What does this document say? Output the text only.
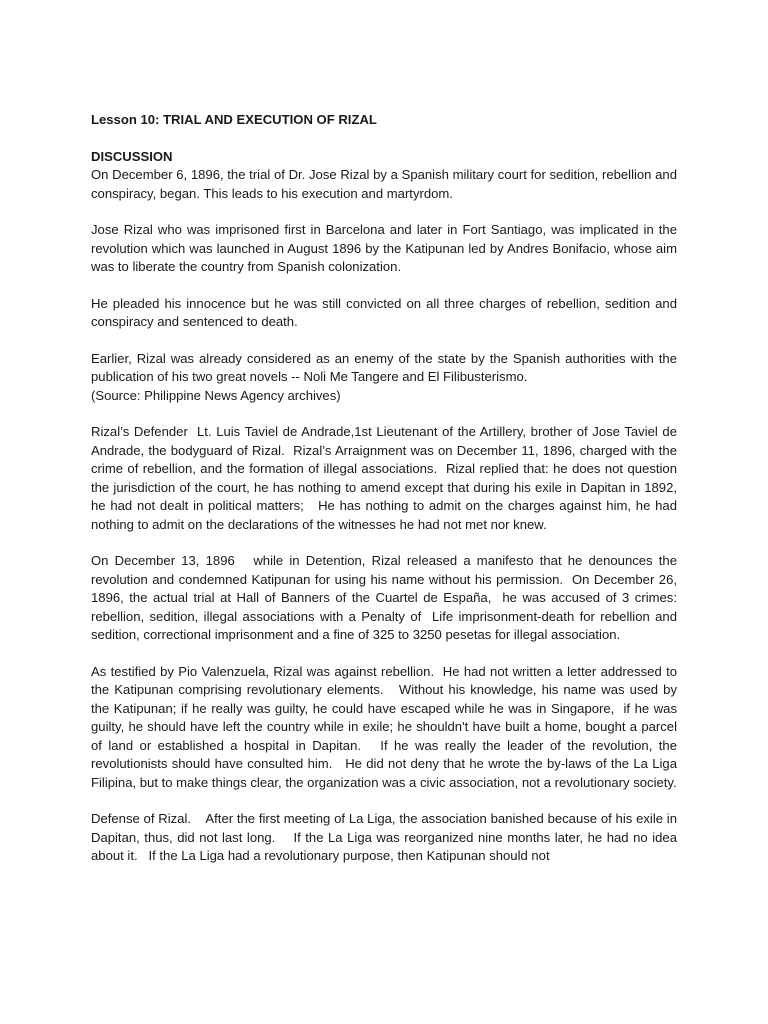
Lesson 10: TRIAL AND EXECUTION OF RIZAL

DISCUSSION

On December 6, 1896, the trial of Dr. Jose Rizal by a Spanish military court for sedition, rebellion and conspiracy, began. This leads to his execution and martyrdom.

Jose Rizal who was imprisoned first in Barcelona and later in Fort Santiago, was implicated in the revolution which was launched in August 1896 by the Katipunan led by Andres Bonifacio, whose aim was to liberate the country from Spanish colonization.

He pleaded his innocence but he was still convicted on all three charges of rebellion, sedition and conspiracy and sentenced to death.

Earlier, Rizal was already considered as an enemy of the state by the Spanish authorities with the publication of his two great novels -- Noli Me Tangere and El Filibusterismo.

(Source: Philippine News Agency archives)

Rizal’s Defender  Lt. Luis Taviel de Andrade,1st Lieutenant of the Artillery, brother of Jose Taviel de Andrade, the bodyguard of Rizal.  Rizal’s Arraignment was on December 11, 1896, charged with the crime of rebellion, and the formation of illegal associations.  Rizal replied that: he does not question the jurisdiction of the court, he has nothing to amend except that during his exile in Dapitan in 1892, he had not dealt in political matters;   He has nothing to admit on the charges against him, he had nothing to admit on the declarations of the witnesses he had not met nor knew.

On December 13, 1896   while in Detention, Rizal released a manifesto that he denounces the revolution and condemned Katipunan for using his name without his permission.  On December 26, 1896, the actual trial at Hall of Banners of the Cuartel de España,  he was accused of 3 crimes: rebellion, sedition, illegal associations with a Penalty of  Life imprisonment-death for rebellion and sedition, correctional imprisonment and a fine of 325 to 3250 pesetas for illegal association.

As testified by Pio Valenzuela, Rizal was against rebellion.  He had not written a letter addressed to the Katipunan comprising revolutionary elements.   Without his knowledge, his name was used by the Katipunan; if he really was guilty, he could have escaped while he was in Singapore,  if he was guilty, he should have left the country while in exile; he shouldn't have built a home, bought a parcel of land or established a hospital in Dapitan.   If he was really the leader of the revolution, the revolutionists should have consulted him.   He did not deny that he wrote the by-laws of the La Liga Filipina, but to make things clear, the organization was a civic association, not a revolutionary society.

Defense of Rizal.    After the first meeting of La Liga, the association banished because of his exile in Dapitan, thus, did not last long.    If the La Liga was reorganized nine months later, he had no idea about it.   If the La Liga had a revolutionary purpose, then Katipunan should not
